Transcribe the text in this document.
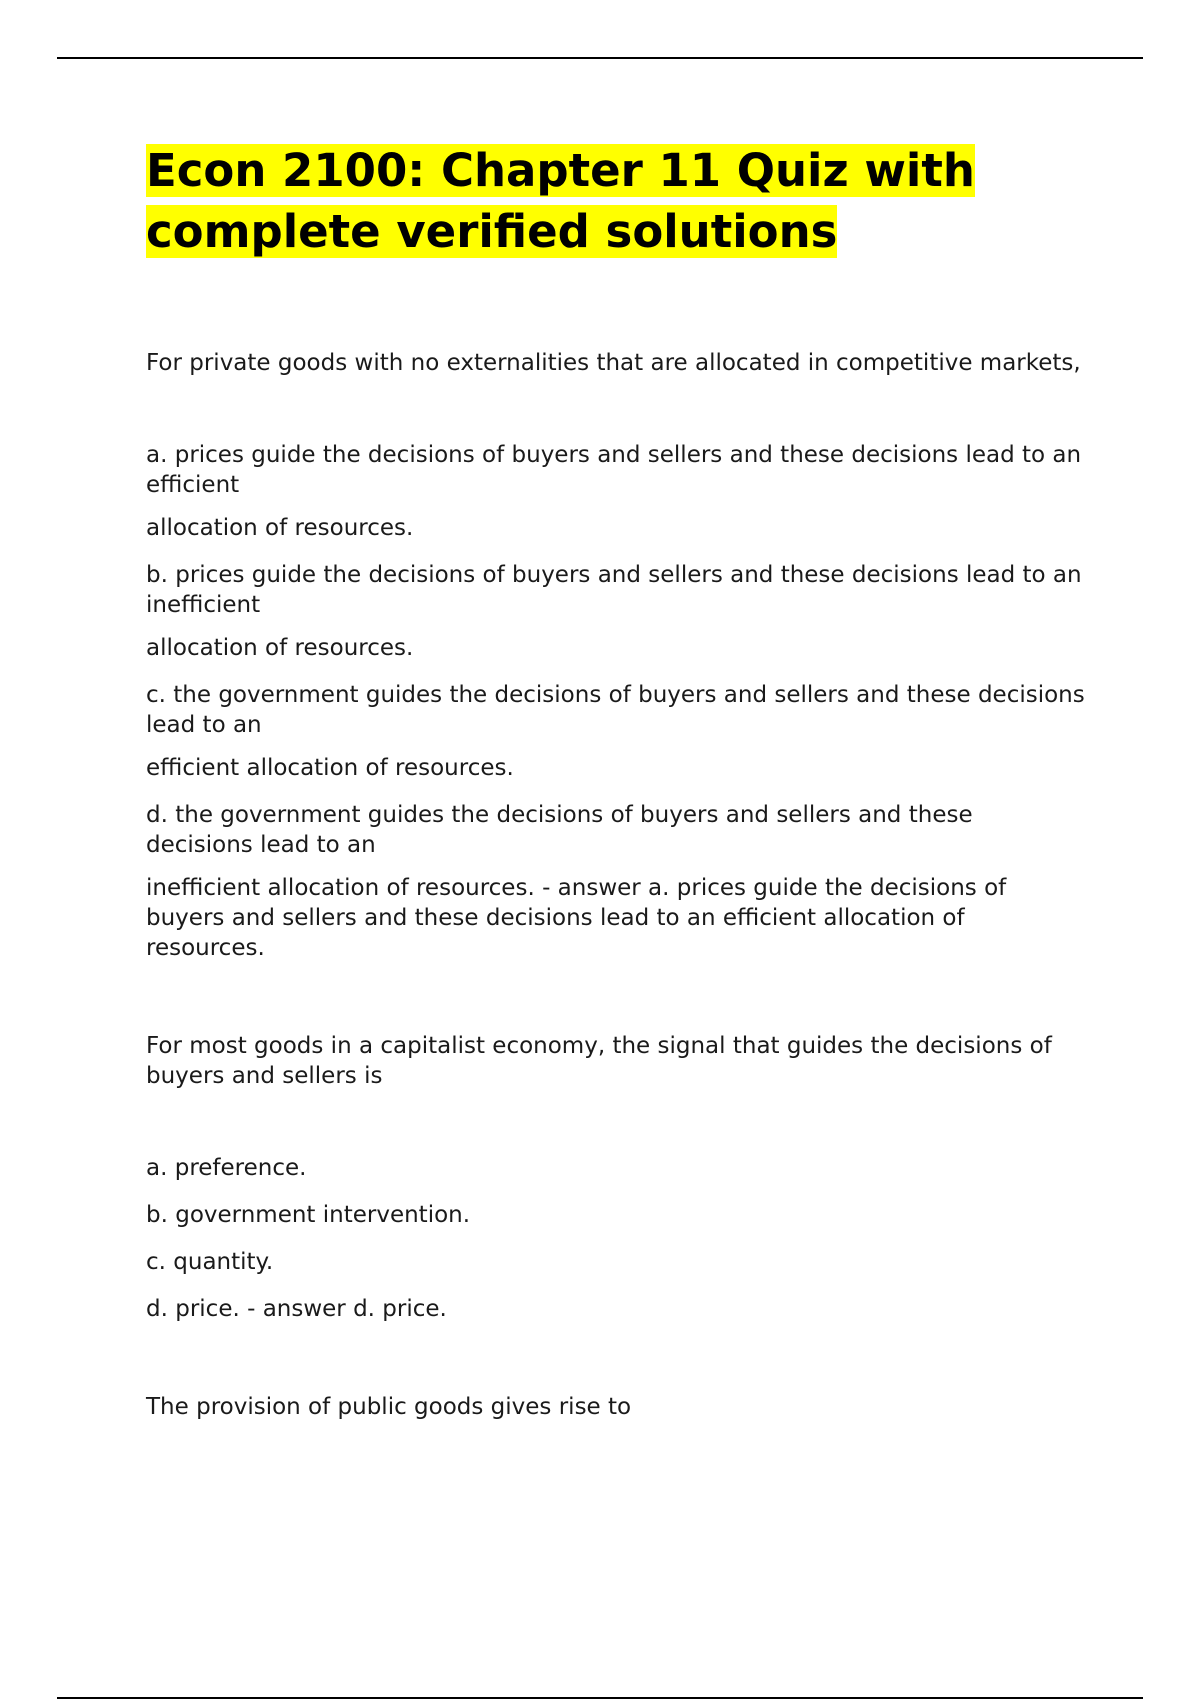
Econ 2100: Chapter 11 Quiz with complete verified solutions

For private goods with no externalities that are allocated in competitive markets,

a. prices guide the decisions of buyers and sellers and these decisions lead to an efficient

allocation of resources.

b. prices guide the decisions of buyers and sellers and these decisions lead to an inefficient

allocation of resources.

c. the government guides the decisions of buyers and sellers and these decisions lead to an

efficient allocation of resources.

d. the government guides the decisions of buyers and sellers and these decisions lead to an

inefficient allocation of resources. - answer a. prices guide the decisions of buyers and sellers and these decisions lead to an efficient allocation of resources.

For most goods in a capitalist economy, the signal that guides the decisions of buyers and sellers is

a. preference.

b. government intervention.

c. quantity.

d. price. - answer d. price.

The provision of public goods gives rise to
